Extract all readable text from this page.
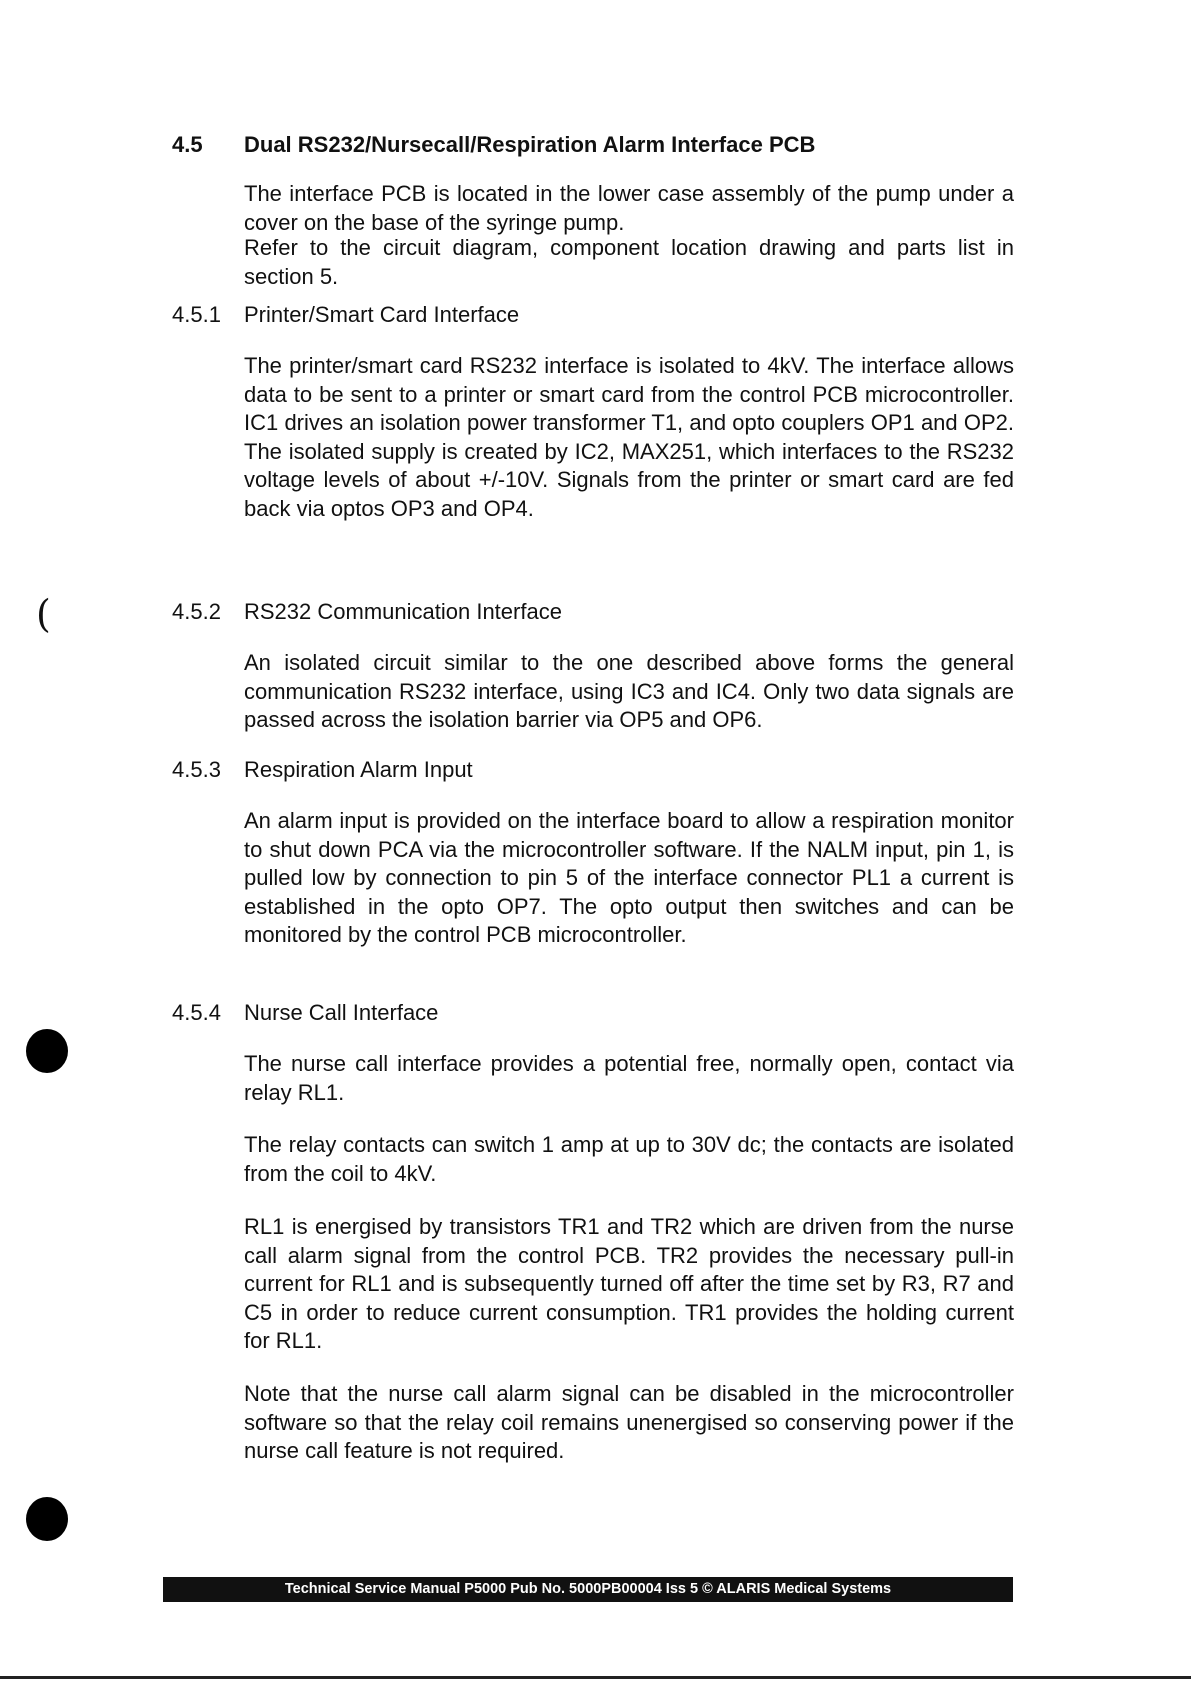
4.5 Dual RS232/Nursecall/Respiration Alarm Interface PCB

The interface PCB is located in the lower case assembly of the pump under a cover on the base of the syringe pump.

Refer to the circuit diagram, component location drawing and parts list in section 5.

4.5.1 Printer/Smart Card Interface

The printer/smart card RS232 interface is isolated to 4kV. The interface allows data to be sent to a printer or smart card from the control PCB microcontroller. IC1 drives an isolation power transformer T1, and opto couplers OP1 and OP2. The isolated supply is created by IC2, MAX251, which interfaces to the RS232 voltage levels of about +/-10V. Signals from the printer or smart card are fed back via optos OP3 and OP4.

4.5.2 RS232 Communication Interface

An isolated circuit similar to the one described above forms the general communication RS232 interface, using IC3 and IC4. Only two data signals are passed across the isolation barrier via OP5 and OP6.

4.5.3 Respiration Alarm Input

An alarm input is provided on the interface board to allow a respiration monitor to shut down PCA via the microcontroller software. If the NALM input, pin 1, is pulled low by connection to pin 5 of the interface connector PL1 a current is established in the opto OP7. The opto output then switches and can be monitored by the control PCB microcontroller.

4.5.4 Nurse Call Interface

The nurse call interface provides a potential free, normally open, contact via relay RL1.

The relay contacts can switch 1 amp at up to 30V dc; the contacts are isolated from the coil to 4kV.

RL1 is energised by transistors TR1 and TR2 which are driven from the nurse call alarm signal from the control PCB. TR2 provides the necessary pull-in current for RL1 and is subsequently turned off after the time set by R3, R7 and C5 in order to reduce current consumption. TR1 provides the holding current for RL1.

Note that the nurse call alarm signal can be disabled in the microcontroller software so that the relay coil remains unenergised so conserving power if the nurse call feature is not required.

Technical Service Manual P5000 Pub No. 5000PB00004 Iss 5 © ALARIS Medical Systems
(
